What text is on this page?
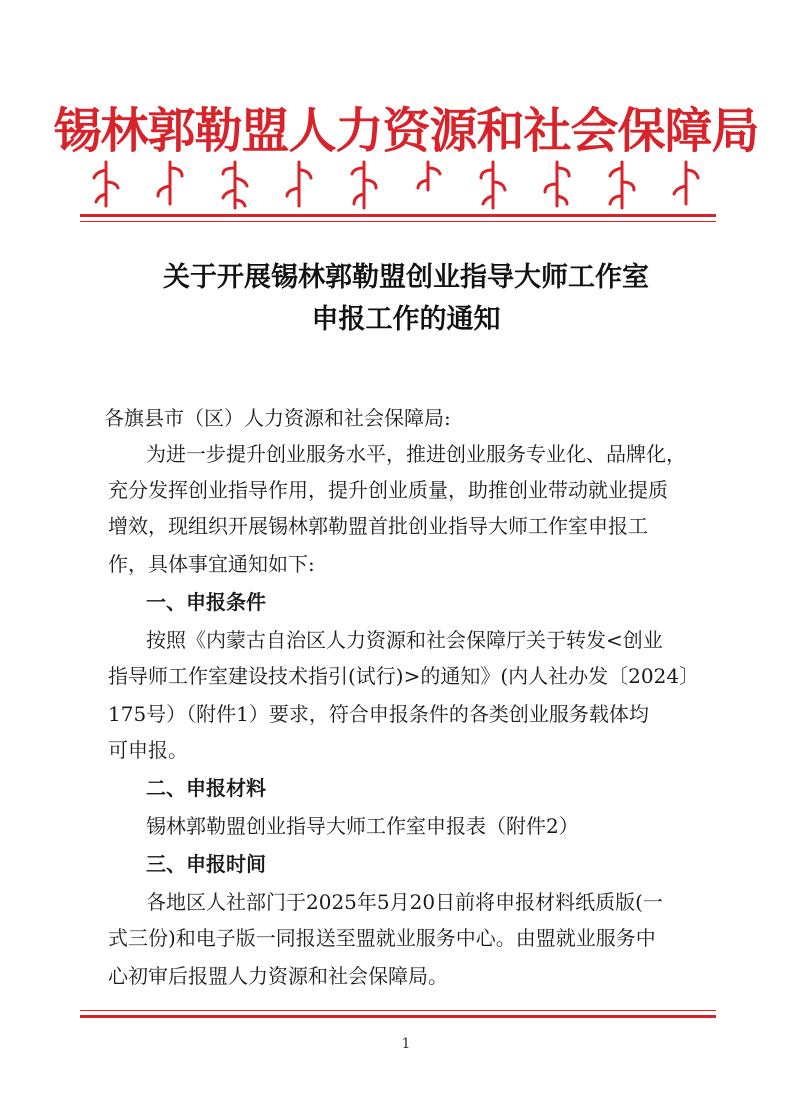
锡林郭勒盟人力资源和社会保障局
关于开展锡林郭勒盟创业指导大师工作室
申报工作的通知
各旗县市（区）人力资源和社会保障局:
为进一步提升创业服务水平，推进创业服务专业化、品牌化，
充分发挥创业指导作用，提升创业质量，助推创业带动就业提质
增效，现组织开展锡林郭勒盟首批创业指导大师工作室申报工
作，具体事宜通知如下:
一、申报条件
按照《内蒙古自治区人力资源和社会保障厅关于转发<创业
指导师工作室建设技术指引(试行)>的通知》(内人社办发〔2024〕
175号）（附件1）要求，符合申报条件的各类创业服务载体均
可申报。
二、申报材料
锡林郭勒盟创业指导大师工作室申报表（附件2）
三、申报时间
各地区人社部门于2025年5月20日前将申报材料纸质版(一
式三份)和电子版一同报送至盟就业服务中心。由盟就业服务中
心初审后报盟人力资源和社会保障局。
1
